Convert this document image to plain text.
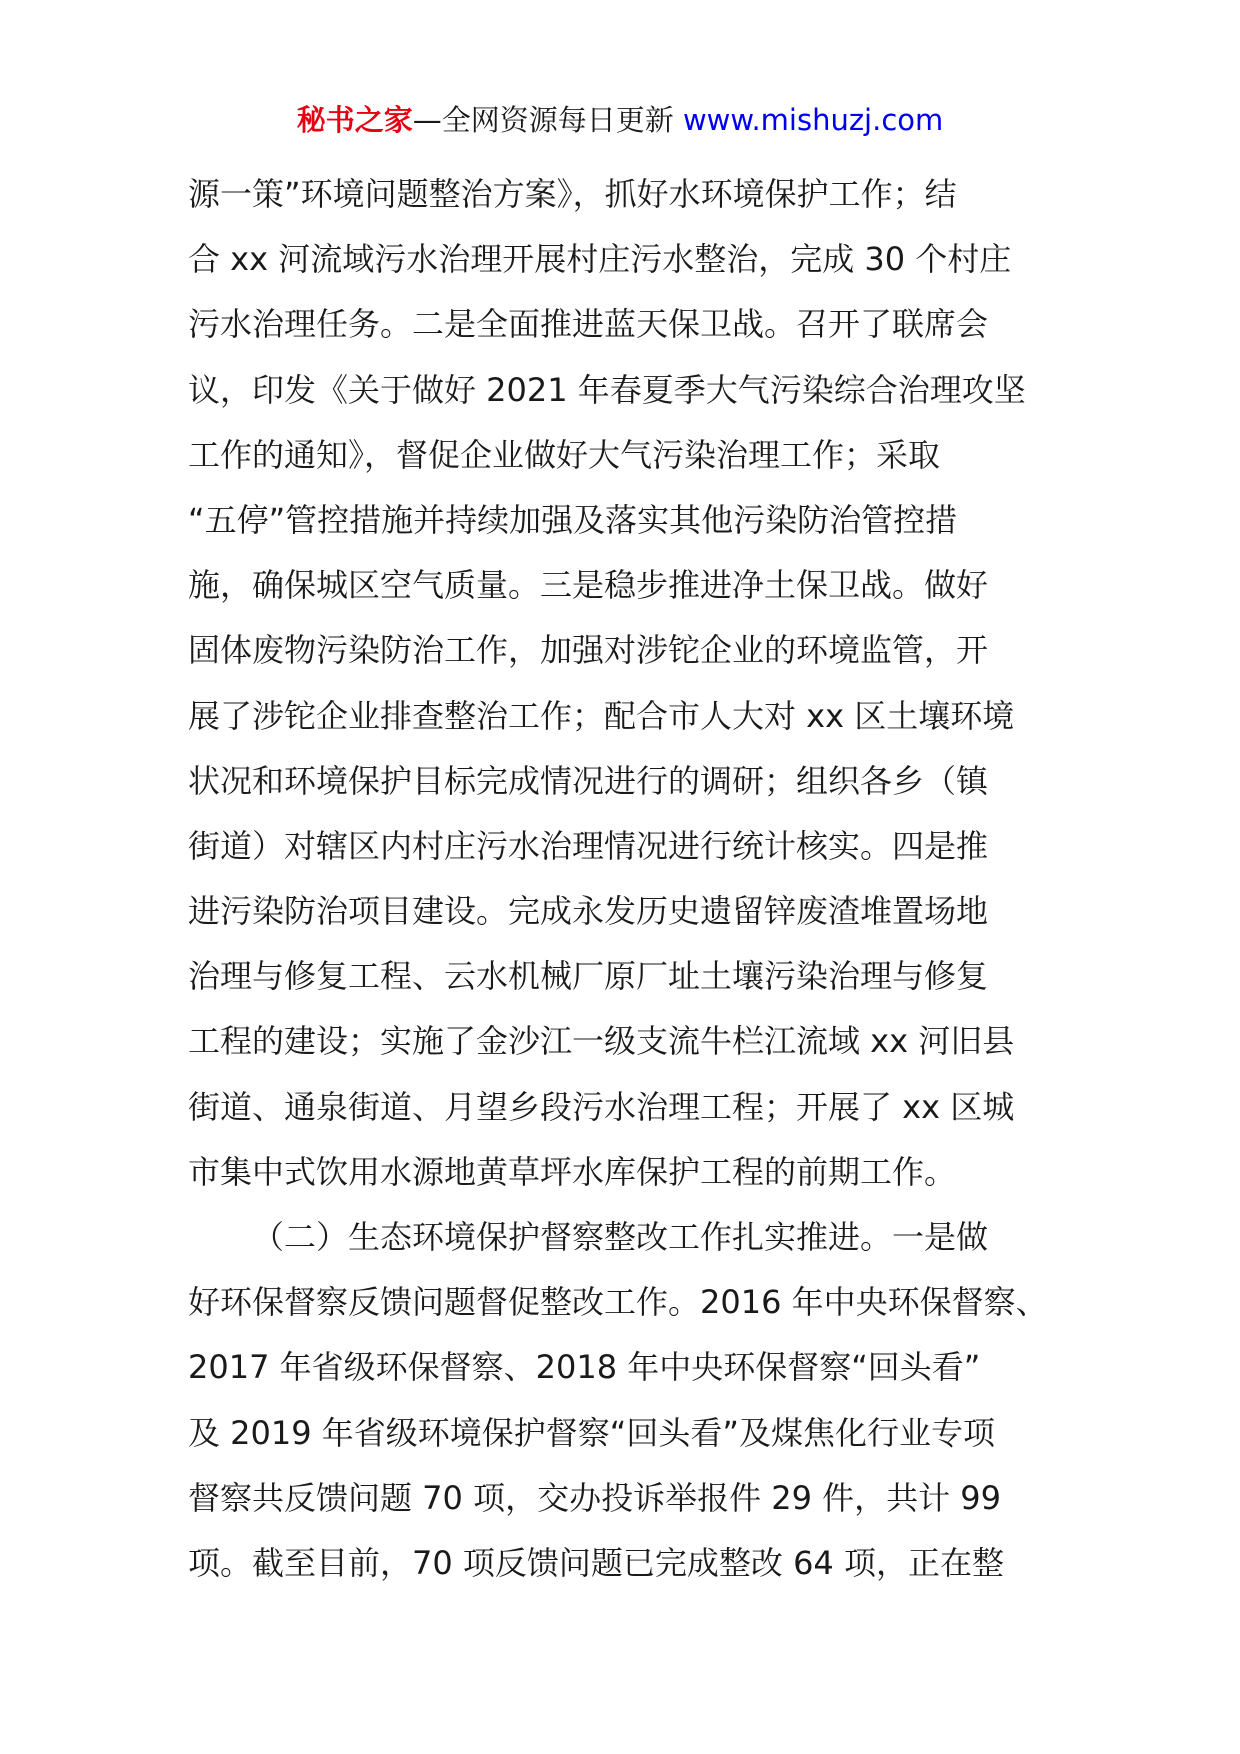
秘书之家—全网资源每日更新 www.mishuzj.com
源一策”环境问题整治方案》，抓好水环境保护工作；结
合 xx 河流域污水治理开展村庄污水整治，完成 30 个村庄
污水治理任务。二是全面推进蓝天保卫战。召开了联席会
议，印发《关于做好 2021 年春夏季大气污染综合治理攻坚
工作的通知》，督促企业做好大气污染治理工作；采取
“五停”管控措施并持续加强及落实其他污染防治管控措
施，确保城区空气质量。三是稳步推进净土保卫战。做好
固体废物污染防治工作，加强对涉铊企业的环境监管，开
展了涉铊企业排查整治工作；配合市人大对 xx 区土壤环境
状况和环境保护目标完成情况进行的调研；组织各乡（镇
街道）对辖区内村庄污水治理情况进行统计核实。四是推
进污染防治项目建设。完成永发历史遗留锌废渣堆置场地
治理与修复工程、云水机械厂原厂址土壤污染治理与修复
工程的建设；实施了金沙江一级支流牛栏江流域 xx 河旧县
街道、通泉街道、月望乡段污水治理工程；开展了 xx 区城
市集中式饮用水源地黄草坪水库保护工程的前期工作。
（二）生态环境保护督察整改工作扎实推进。一是做
好环保督察反馈问题督促整改工作。2016 年中央环保督察、
2017 年省级环保督察、2018 年中央环保督察“回头看”
及 2019 年省级环境保护督察“回头看”及煤焦化行业专项
督察共反馈问题 70 项，交办投诉举报件 29 件，共计 99
项。截至目前，70 项反馈问题已完成整改 64 项，正在整
